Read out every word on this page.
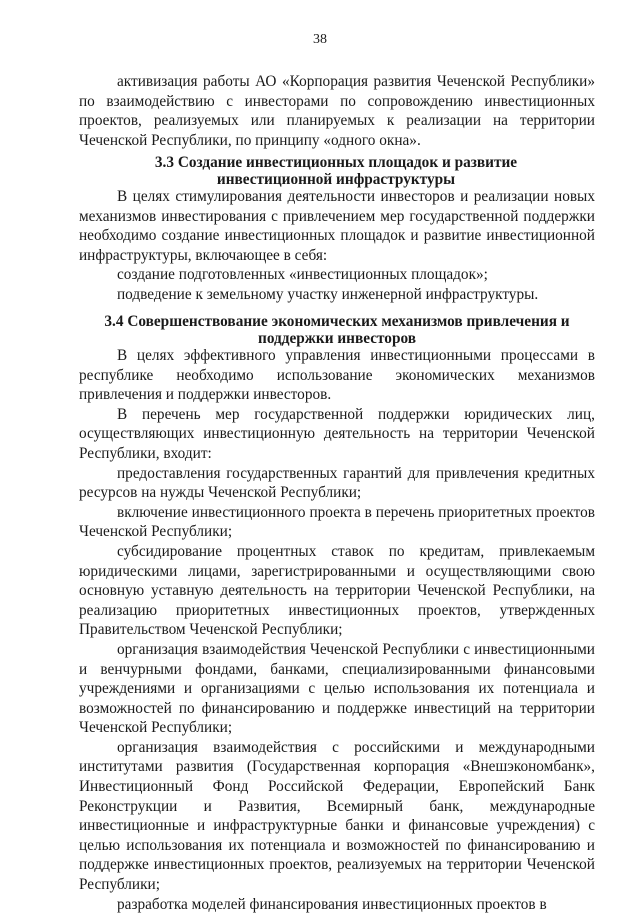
38

активизация работы АО «Корпорация развития Чеченской Республики» по взаимодействию с инвесторами по сопровождению инвестиционных проектов, реализуемых или планируемых к реализации на территории Чеченской Республики, по принципу «одного окна».

3.3 Создание инвестиционных площадок и развитие инвестиционной инфраструктуры

В целях стимулирования деятельности инвесторов и реализации новых механизмов инвестирования с привлечением мер государственной поддержки необходимо создание инвестиционных площадок и развитие инвестиционной инфраструктуры, включающее в себя:

создание подготовленных «инвестиционных площадок»;

подведение к земельному участку инженерной инфраструктуры.

3.4 Совершенствование экономических механизмов привлечения и поддержки инвесторов

В целях эффективного управления инвестиционными процессами в республике необходимо использование экономических механизмов привлечения и поддержки инвесторов.

В перечень мер государственной поддержки юридических лиц, осуществляющих инвестиционную деятельность на территории Чеченской Республики, входит:

предоставления государственных гарантий для привлечения кредитных ресурсов на нужды Чеченской Республики;

включение инвестиционного проекта в перечень приоритетных проектов Чеченской Республики;

субсидирование процентных ставок по кредитам, привлекаемым юридическими лицами, зарегистрированными и осуществляющими свою основную уставную деятельность на территории Чеченской Республики, на реализацию приоритетных инвестиционных проектов, утвержденных Правительством Чеченской Республики;

организация взаимодействия Чеченской Республики с инвестиционными и венчурными фондами, банками, специализированными финансовыми учреждениями и организациями с целью использования их потенциала и возможностей по финансированию и поддержке инвестиций на территории Чеченской Республики;

организация взаимодействия с российскими и международными институтами развития (Государственная корпорация «Внешэкономбанк», Инвестиционный Фонд Российской Федерации, Европейский Банк Реконструкции и Развития, Всемирный банк, международные инвестиционные и инфраструктурные банки и финансовые учреждения) с целью использования их потенциала и возможностей по финансированию и поддержке инвестиционных проектов, реализуемых на территории Чеченской Республики;

разработка моделей финансирования инвестиционных проектов в
